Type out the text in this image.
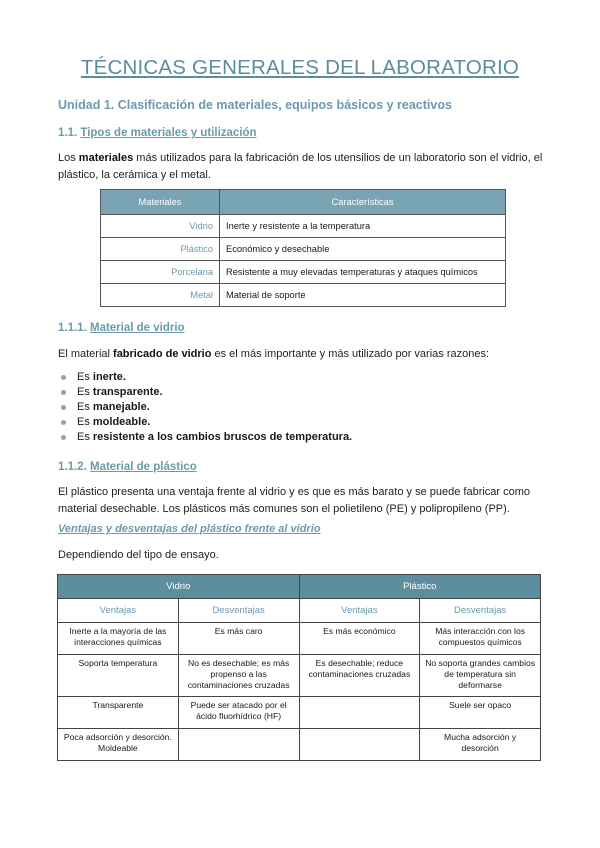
TÉCNICAS GENERALES DEL LABORATORIO
Unidad 1. Clasificación de materiales, equipos básicos y reactivos
1.1. Tipos de materiales y utilización

Los materiales más utilizados para la fabricación de los utensilios de un laboratorio son el vidrio, el plástico, la cerámica y el metal.

Materiales	Características
Vidrio	Inerte y resistente a la temperatura
Plástico	Económico y desechable
Porcelana	Resistente a muy elevadas temperaturas y ataques químicos
Metal	Material de soporte
1.1.1. Material de vidrio

El material fabricado de vidrio es el más importante y más utilizado por varias razones:

Es inerte.
Es transparente.
Es manejable.
Es moldeable.
Es resistente a los cambios bruscos de temperatura.
1.1.2. Material de plástico

El plástico presenta una ventaja frente al vidrio y es que es más barato y se puede fabricar como material desechable. Los plásticos más comunes son el polietileno (PE) y polipropileno (PP).

Ventajas y desventajas del plástico frente al vidrio

Dependiendo del tipo de ensayo.

Vidrio		Plástico	
Ventajas	Desventajas	Ventajas	Desventajas
Inerte a la mayoría de las interacciones químicas	Es más caro	Es más económico	Más interacción con los compuestos químicos
Soporta temperatura	No es desechable; es más propenso a las contaminaciones cruzadas	Es desechable; reduce contaminaciones cruzadas	No soporta grandes cambios de temperatura sin deformarse
Transparente	Puede ser atacado por el ácido fluorhídrico (HF)		Suele ser opaco
Poca adsorción y desorción. Moldeable			Mucha adsorción y desorción
